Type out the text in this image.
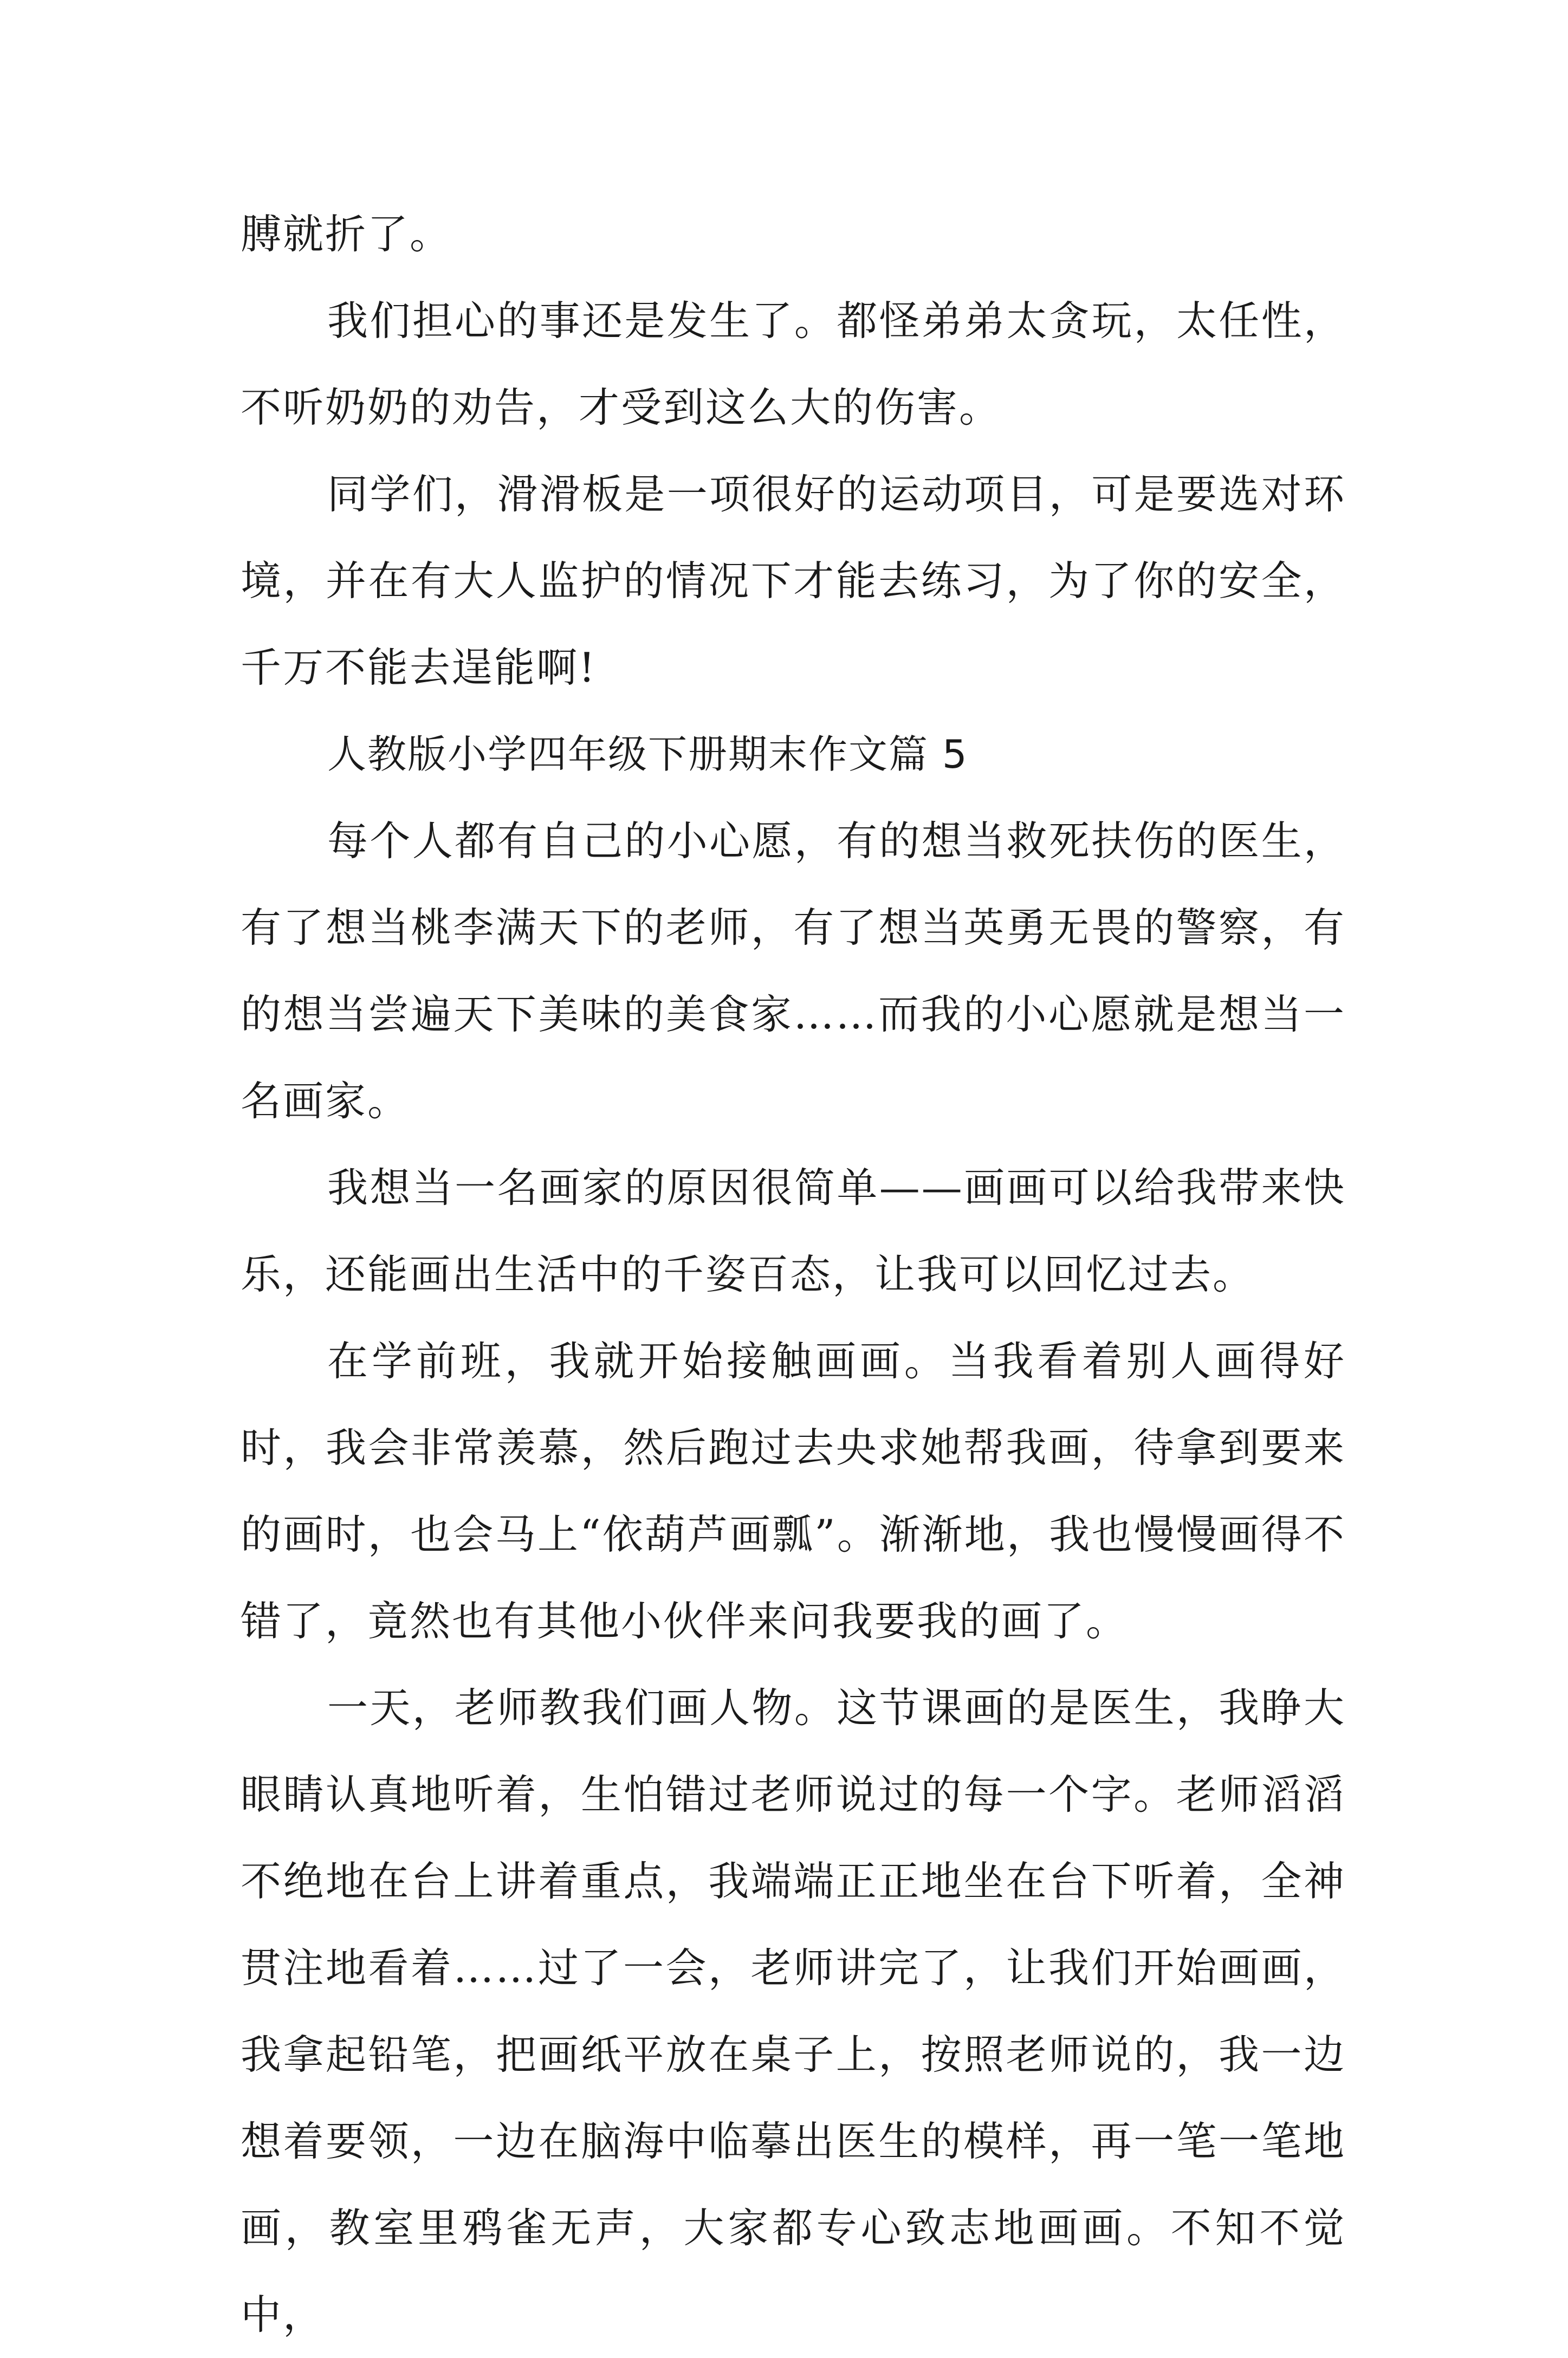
膊就折了。

我们担心的事还是发生了。都怪弟弟太贪玩，太任性，不听奶奶的劝告，才受到这么大的伤害。

同学们，滑滑板是一项很好的运动项目，可是要选对环境，并在有大人监护的情况下才能去练习，为了你的安全，千万不能去逞能啊!

人教版小学四年级下册期末作文篇 5

每个人都有自己的小心愿，有的想当救死扶伤的医生，有了想当桃李满天下的老师，有了想当英勇无畏的警察，有的想当尝遍天下美味的美食家……而我的小心愿就是想当一名画家。

我想当一名画家的原因很简单——画画可以给我带来快乐，还能画出生活中的千姿百态，让我可以回忆过去。

在学前班，我就开始接触画画。当我看着别人画得好时，我会非常羡慕，然后跑过去央求她帮我画，待拿到要来的画时，也会马上“依葫芦画瓢”。渐渐地，我也慢慢画得不错了，竟然也有其他小伙伴来问我要我的画了。

一天，老师教我们画人物。这节课画的是医生，我睁大眼睛认真地听着，生怕错过老师说过的每一个字。老师滔滔不绝地在台上讲着重点，我端端正正地坐在台下听着，全神贯注地看着……过了一会，老师讲完了，让我们开始画画，我拿起铅笔，把画纸平放在桌子上，按照老师说的，我一边想着要领，一边在脑海中临摹出医生的模样，再一笔一笔地画，教室里鸦雀无声，大家都专心致志地画画。不知不觉中，
